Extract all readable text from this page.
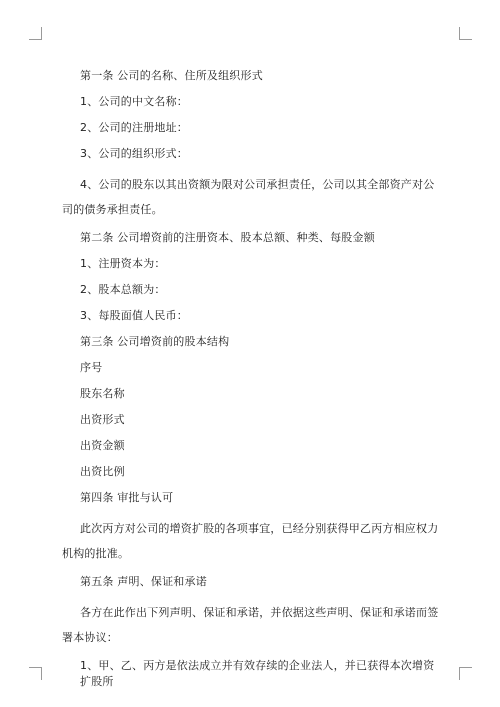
第一条 公司的名称、住所及组织形式

1、公司的中文名称：

2、公司的注册地址：

3、公司的组织形式：

4、公司的股东以其出资额为限对公司承担责任，公司以其全部资产对公司的债务承担责任。

第二条 公司增资前的注册资本、股本总额、种类、每股金额

1、注册资本为：

2、股本总额为：

3、每股面值人民币：

第三条 公司增资前的股本结构

序号

股东名称

出资形式

出资金额

出资比例

第四条 审批与认可

此次丙方对公司的增资扩股的各项事宜，已经分别获得甲乙丙方相应权力机构的批准。

第五条 声明、保证和承诺

各方在此作出下列声明、保证和承诺，并依据这些声明、保证和承诺而签署本协议：

1、甲、乙、丙方是依法成立并有效存续的企业法人，并已获得本次增资扩股所
